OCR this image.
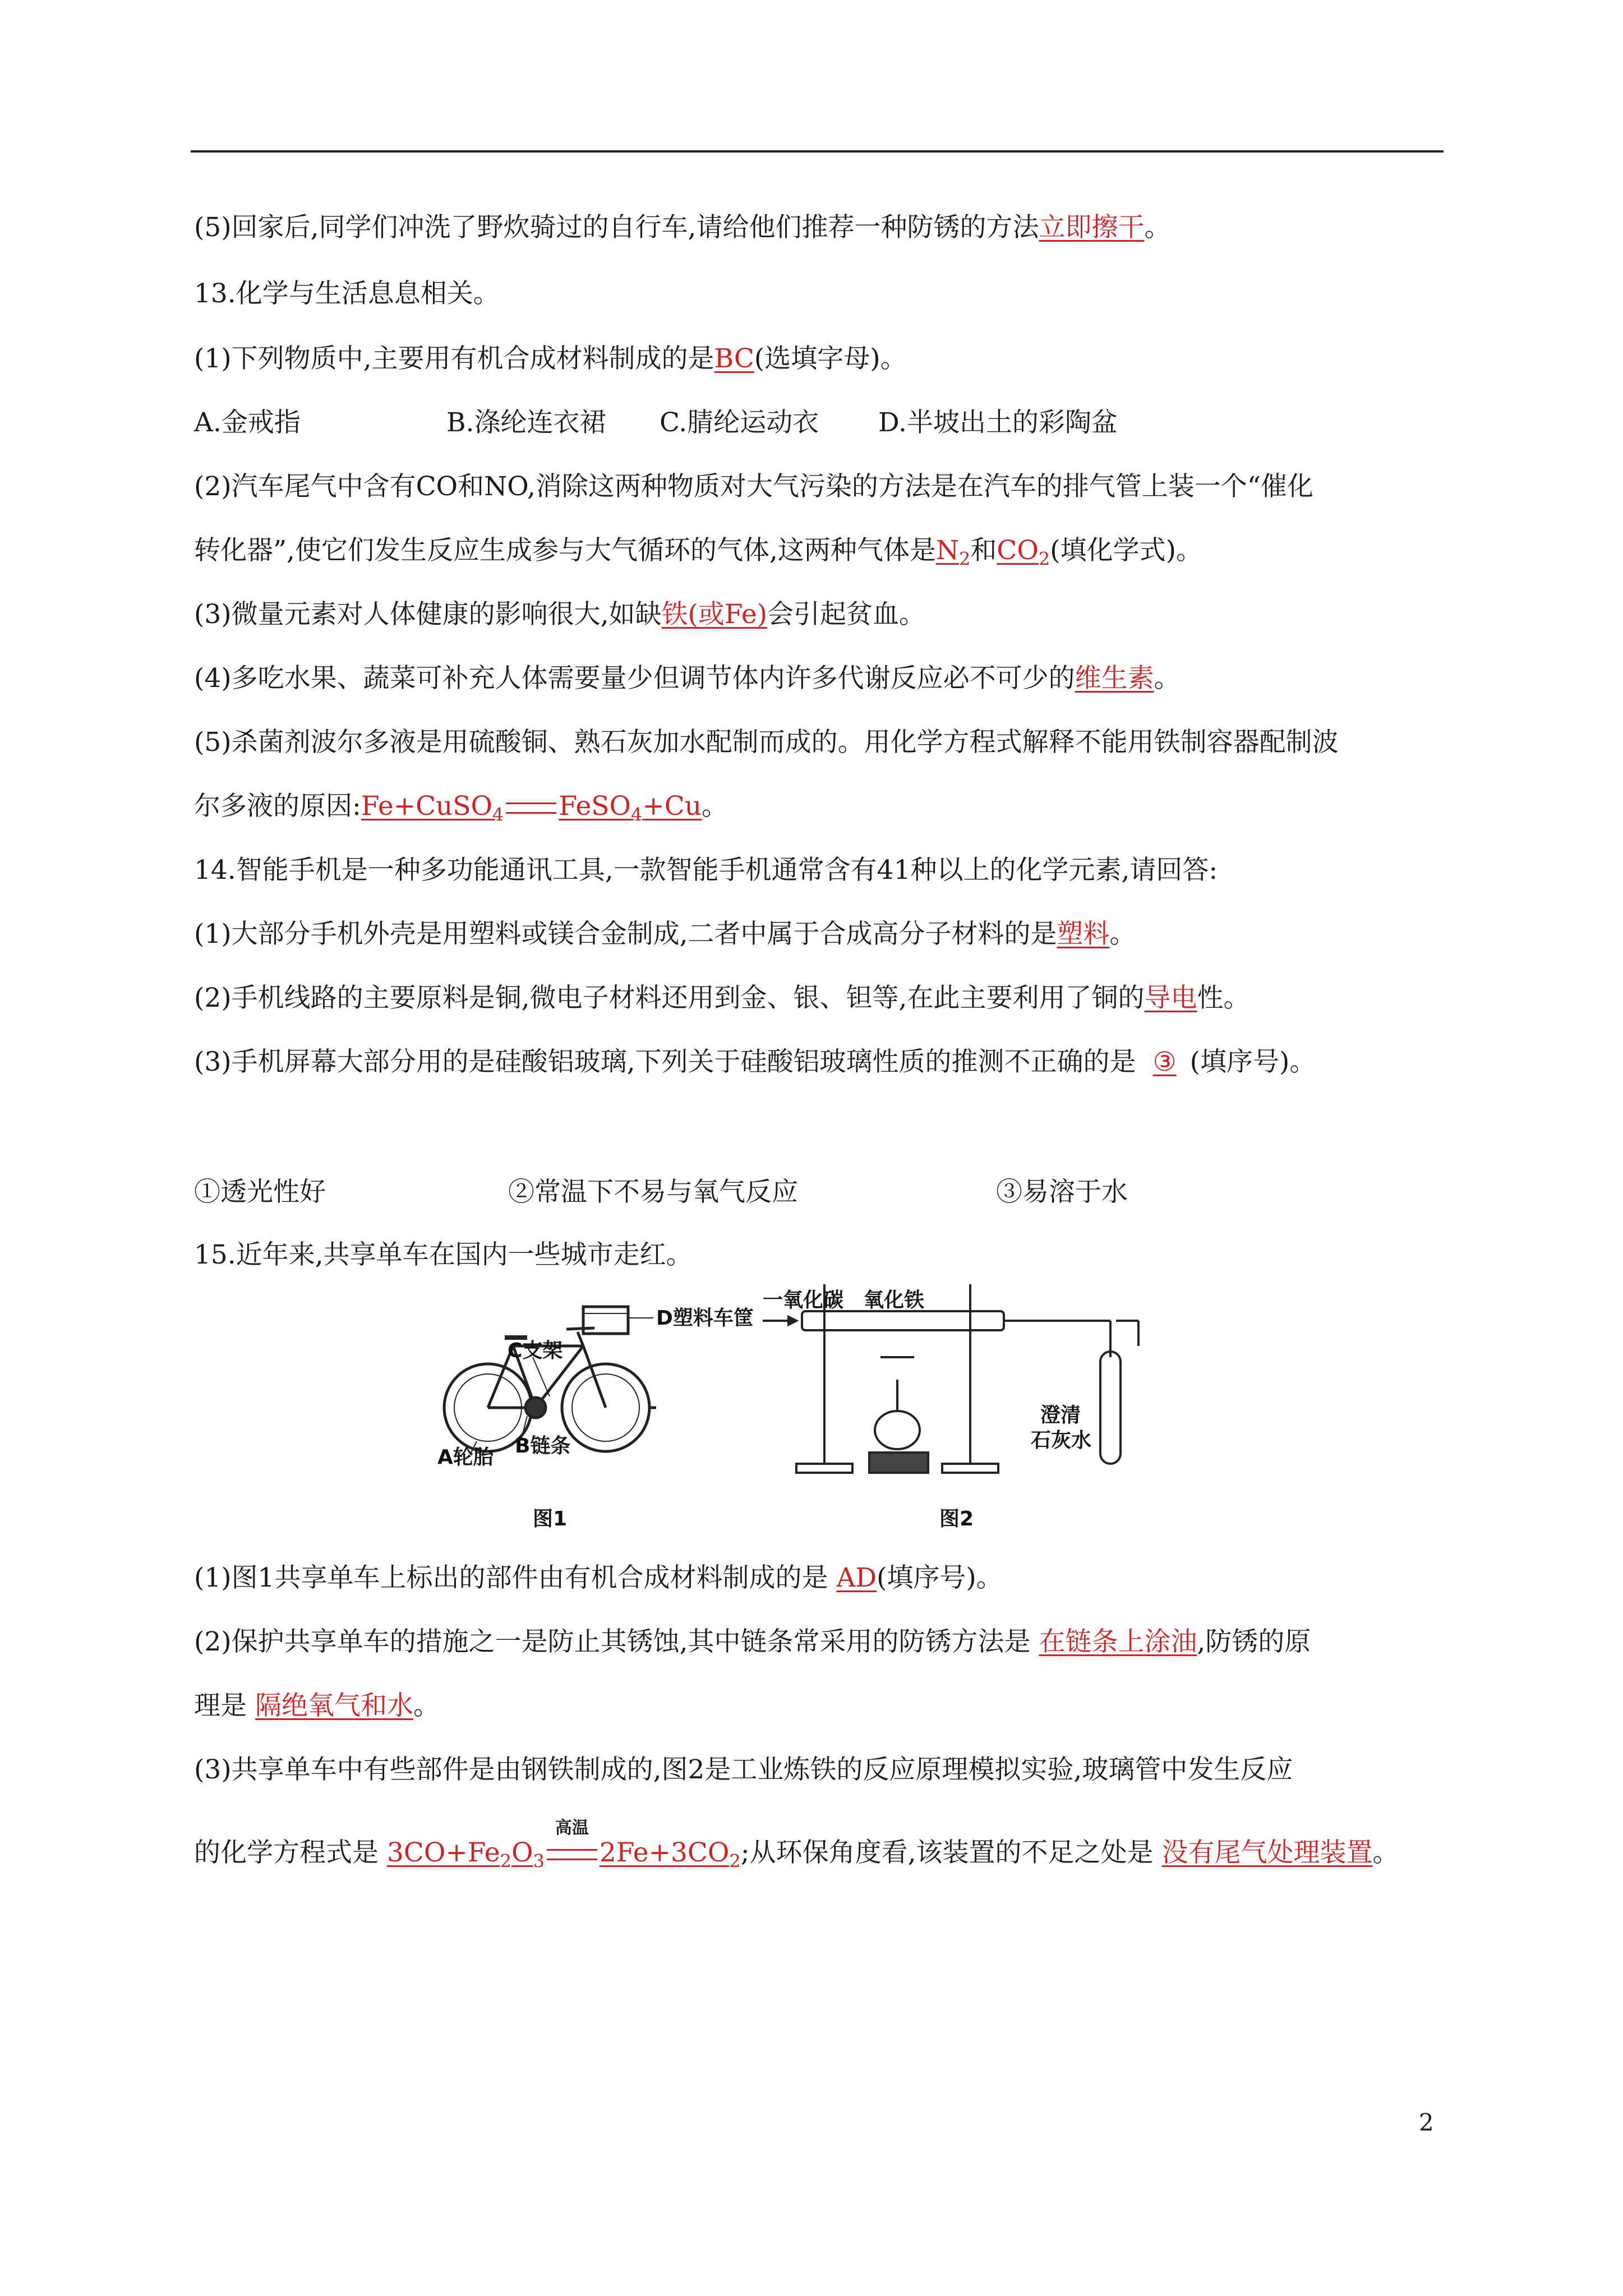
(5)回家后,同学们冲洗了野炊骑过的自行车,请给他们推荐一种防锈的方法立即擦干。
13.化学与生活息息相关。
(1)下列物质中,主要用有机合成材料制成的是BC(选填字母)。
A.金戒指	B.涤纶连衣裙 C.腈纶运动衣 D.半坡出土的彩陶盆
(2)汽车尾气中含有CO和NO,消除这两种物质对大气污染的方法是在汽车的排气管上装一个“催化
转化器”,使它们发生反应生成参与大气循环的气体,这两种气体是$N_2$和$CO_2$(填化学式)。
(3)微量元素对人体健康的影响很大,如缺铁(或Fe)会引起贫血。
(4)多吃水果、蔬菜可补充人体需要量少但调节体内许多代谢反应必不可少的维生素。
(5)杀菌剂波尔多液是用硫酸铜、熟石灰加水配制而成的。用化学方程式解释不能用铁制容器配制波
尔多液的原因:Fe+CuSO$_4$ FeSO$_4$+Cu。
14.智能手机是一种多功能通讯工具,一款智能手机通常含有41种以上的化学元素,请回答:
(1)大部分手机外壳是用塑料或镁合金制成,二者中属于合成高分子材料的是塑料。
(2)手机线路的主要原料是铜,微电子材料还用到金、银、钽等,在此主要利用了铜的导电性。
(3)手机屏幕大部分用的是硅酸铝玻璃,下列关于硅酸铝玻璃性质的推测不正确的是 ③ (填序号)。
①透光性好	②常温下不易与氧气反应	③易溶于水
15.近年来,共享单车在国内一些城市走红。
D塑料车筐
C支架
B链条
A轮胎
图1
一氧化碳 氧化铁
澄清
石灰水
图2
(1)图1共享单车上标出的部件由有机合成材料制成的是 AD(填序号)。
(2)保护共享单车的措施之一是防止其锈蚀,其中链条常采用的防锈方法是 在链条上涂油,防锈的原
理是 隔绝氧气和水。
(3)共享单车中有些部件是由钢铁制成的,图2是工业炼铁的反应原理模拟实验,玻璃管中发生反应
的化学方程式是 $3CO+Fe_2O_3$
高温
$2Fe+3CO_2$;从环保角度看,该装置的不足之处是 没有尾气处理装置。
2
